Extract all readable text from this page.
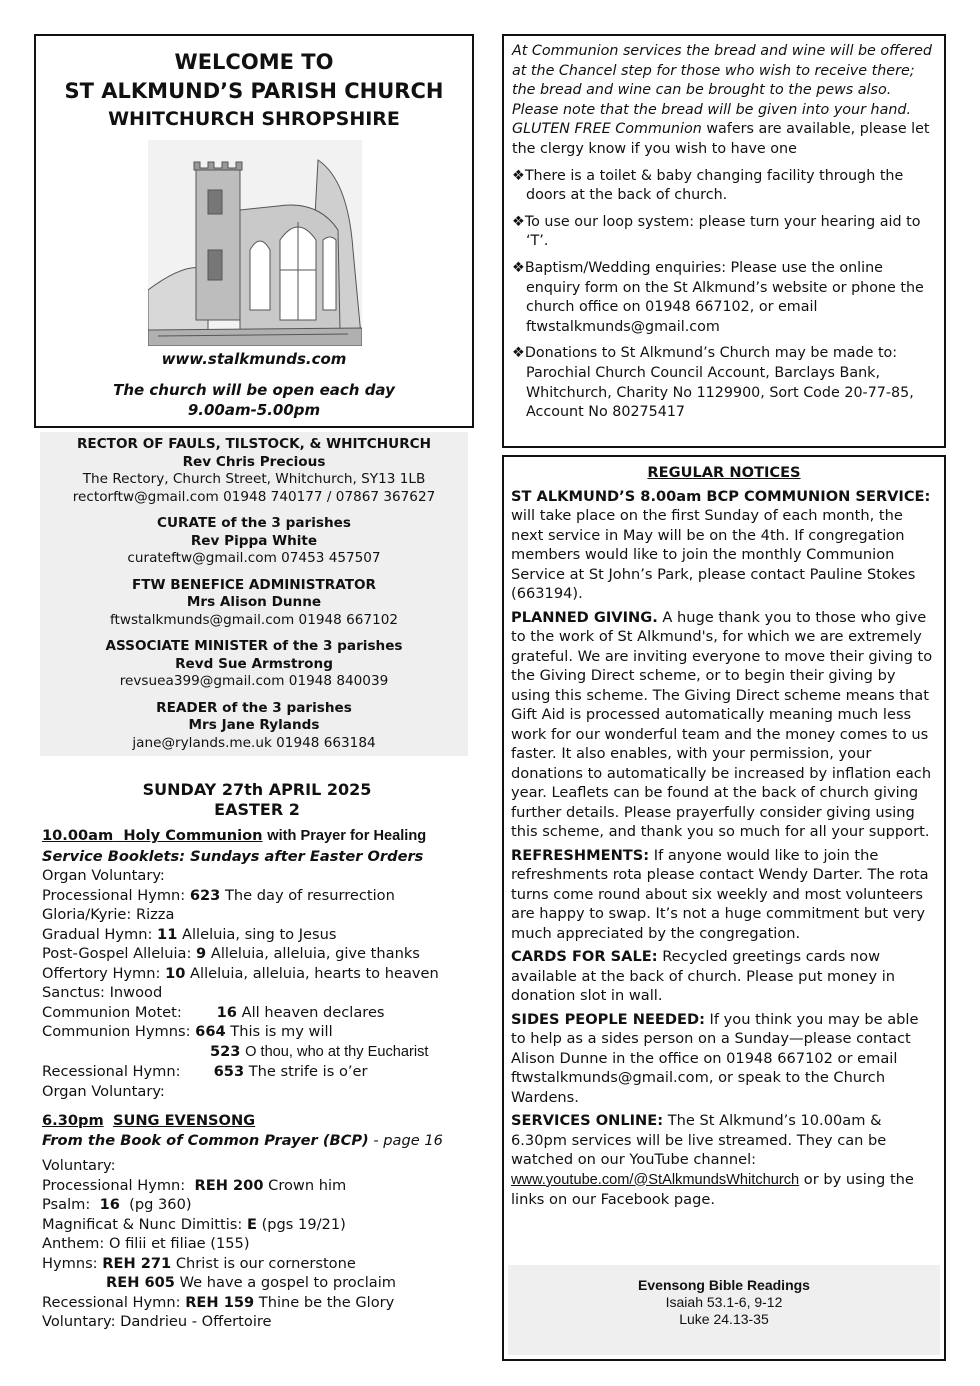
WELCOME TO
ST ALKMUND’S PARISH CHURCH
WHITCHURCH SHROPSHIRE
www.stalkmunds.com
The church will be open each day
9.00am-5.00pm
RECTOR OF FAULS, TILSTOCK, & WHITCHURCH
Rev Chris Precious
The Rectory, Church Street, Whitchurch, SY13 1LB
rectorftw@gmail.com 01948 740177 / 07867 367627
CURATE of the 3 parishes
Rev Pippa White
curateftw@gmail.com 07453 457507
FTW BENEFICE ADMINISTRATOR
Mrs Alison Dunne
ftwstalkmunds@gmail.com 01948 667102
ASSOCIATE MINISTER of the 3 parishes
Revd Sue Armstrong
revsuea399@gmail.com 01948 840039
READER of the 3 parishes
Mrs Jane Rylands
jane@rylands.me.uk 01948 663184
SUNDAY 27th APRIL 2025
EASTER 2
10.00am Holy Communion with Prayer for Healing
Service Booklets: Sundays after Easter Orders
Organ Voluntary:
Processional Hymn: 623 The day of resurrection
Gloria/Kyrie: Rizza
Gradual Hymn: 11 Alleluia, sing to Jesus
Post-Gospel Alleluia: 9 Alleluia, alleluia, give thanks
Offertory Hymn: 10 Alleluia, alleluia, hearts to heaven
Sanctus: Inwood
Communion Motet: 16 All heaven declares
Communion Hymns: 664 This is my will
523 O thou, who at thy Eucharist
Recessional Hymn: 653 The strife is o’er
Organ Voluntary:
6.30pm SUNG EVENSONG
From the Book of Common Prayer (BCP) - page 16
Voluntary:
Processional Hymn: REH 200 Crown him
Psalm: 16 (pg 360)
Magnificat & Nunc Dimittis: E (pgs 19/21)
Anthem: O filii et filiae (155)
Hymns: REH 271 Christ is our cornerstone
REH 605 We have a gospel to proclaim
Recessional Hymn: REH 159 Thine be the Glory
Voluntary: Dandrieu - Offertoire
At Communion services the bread and wine will be offered at the Chancel step for those who wish to receive there; the bread and wine can be brought to the pews also. Please note that the bread will be given into your hand. GLUTEN FREE Communion wafers are available, please let the clergy know if you wish to have one
❖There is a toilet & baby changing facility through the doors at the back of church.
❖To use our loop system: please turn your hearing aid to ‘T’.
❖Baptism/Wedding enquiries: Please use the online enquiry form on the St Alkmund’s website or phone the church office on 01948 667102, or email ftwstalkmunds@gmail.com
❖Donations to St Alkmund’s Church may be made to: Parochial Church Council Account, Barclays Bank, Whitchurch, Charity No 1129900, Sort Code 20-77-85, Account No 80275417
REGULAR NOTICES

ST ALKMUND’S 8.00am BCP COMMUNION SERVICE: will take place on the first Sunday of each month, the next service in May will be on the 4th. If congregation members would like to join the monthly Communion Service at St John’s Park, please contact Pauline Stokes (663194).

PLANNED GIVING. A huge thank you to those who give to the work of St Alkmund's, for which we are extremely grateful. We are inviting everyone to move their giving to the Giving Direct scheme, or to begin their giving by using this scheme. The Giving Direct scheme means that Gift Aid is processed automatically meaning much less work for our wonderful team and the money comes to us faster. It also enables, with your permission, your donations to automatically be increased by inflation each year. Leaflets can be found at the back of church giving further details. Please prayerfully consider giving using this scheme, and thank you so much for all your support.

REFRESHMENTS: If anyone would like to join the refreshments rota please contact Wendy Darter. The rota turns come round about six weekly and most volunteers are happy to swap. It’s not a huge commitment but very much appreciated by the congregation.

CARDS FOR SALE: Recycled greetings cards now available at the back of church. Please put money in donation slot in wall.

SIDES PEOPLE NEEDED: If you think you may be able to help as a sides person on a Sunday—please contact Alison Dunne in the office on 01948 667102 or email ftwstalkmunds@gmail.com, or speak to the Church Wardens.

SERVICES ONLINE: The St Alkmund’s 10.00am & 6.30pm services will be live streamed. They can be watched on our YouTube channel: www.youtube.com/@StAlkmundsWhitchurch or by using the links on our Facebook page.

Evensong Bible Readings
Isaiah 53.1-6, 9-12
Luke 24.13-35
